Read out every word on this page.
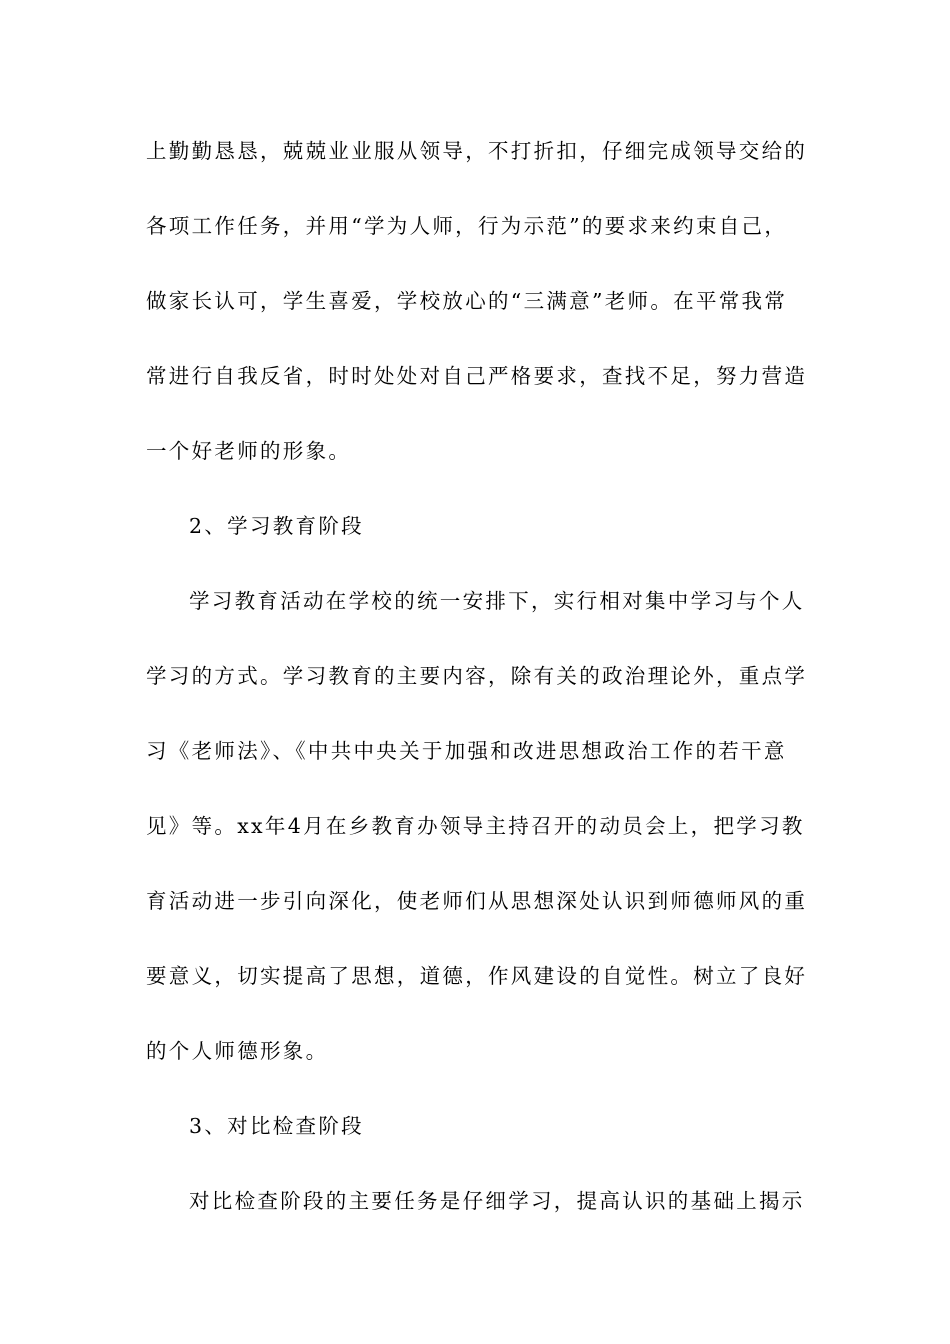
上勤勤恳恳，兢兢业业服从领导，不打折扣，仔细完成领导交给的
各项工作任务，并用“学为人师，行为示范”的要求来约束自己，
做家长认可，学生喜爱，学校放心的“三满意”老师。在平常我常
常进行自我反省，时时处处对自己严格要求，查找不足，努力营造
一个好老师的形象。
2、学习教育阶段
学习教育活动在学校的统一安排下，实行相对集中学习与个人
学习的方式。学习教育的主要内容，除有关的政治理论外，重点学
习《老师法》、《中共中央关于加强和改进思想政治工作的若干意
见》等。xx年4月在乡教育办领导主持召开的动员会上，把学习教
育活动进一步引向深化，使老师们从思想深处认识到师德师风的重
要意义，切实提高了思想，道德，作风建设的自觉性。树立了良好
的个人师德形象。
3、对比检查阶段
对比检查阶段的主要任务是仔细学习，提高认识的基础上揭示
